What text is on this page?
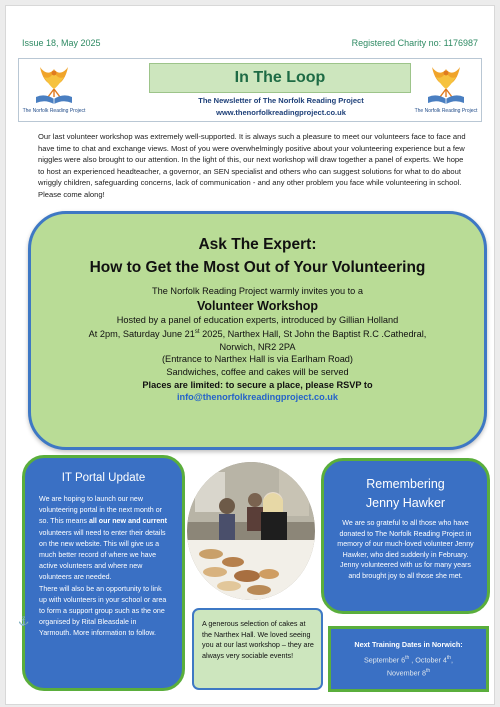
Issue 18, May 2025	Registered Charity no: 1176987
The Norfolk Reading Project	The Norfolk Reading Project
In The Loop
The Newsletter of The Norfolk Reading Project
www.thenorfolkreadingproject.co.uk

Our last volunteer workshop was extremely well-supported. It is always such a pleasure to meet our volunteers face to face and have time to chat and exchange views. Most of you were overwhelmingly positive about your volunteering experience but a few niggles were also brought to our attention. In the light of this, our next workshop will draw together a panel of experts. We hope to host an experienced headteacher, a governor, an SEN specialist and others who can suggest solutions for what to do about wriggly children, safeguarding concerns, lack of communication - and any other problem you face while volunteering in school. Please come along!

Ask The Expert:
How to Get the Most Out of Your Volunteering
The Norfolk Reading Project warmly invites you to a
Volunteer Workshop
Hosted by a panel of education experts, introduced by Gillian Holland
At 2pm, Saturday June 21st 2025, Narthex Hall, St John the Baptist R.C .Cathedral,
Norwich, NR2 2PA
(Entrance to Narthex Hall is via Earlham Road)
Sandwiches, coffee and cakes will be served
Places are limited: to secure a place, please RSVP to
info@thenorfolkreadingproject.co.uk
IT Portal Update
We are hoping to launch our new volunteering portal in the next month or so. This means all our new and current volunteers will need to enter their details on the new website. This will give us a much better record of where we have active volunteers and where new volunteers are needed.
There will also be an opportunity to link up with volunteers in your school or area to form a support group such as the one organised by Rital Bleasdale in Yarmouth. More information to follow.
A generous selection of cakes at the Narthex Hall. We loved seeing you at our last workshop – they are always very sociable events!
Remembering
Jenny Hawker
We are so grateful to all those who have donated to The Norfolk Reading Project in memory of our much-loved volunteer Jenny Hawker, who died suddenly in February. Jenny volunteered with us for many years and brought joy to all those she met.
Next Training Dates in Norwich:
September 6th , October 4th,
November 8th
⚓
